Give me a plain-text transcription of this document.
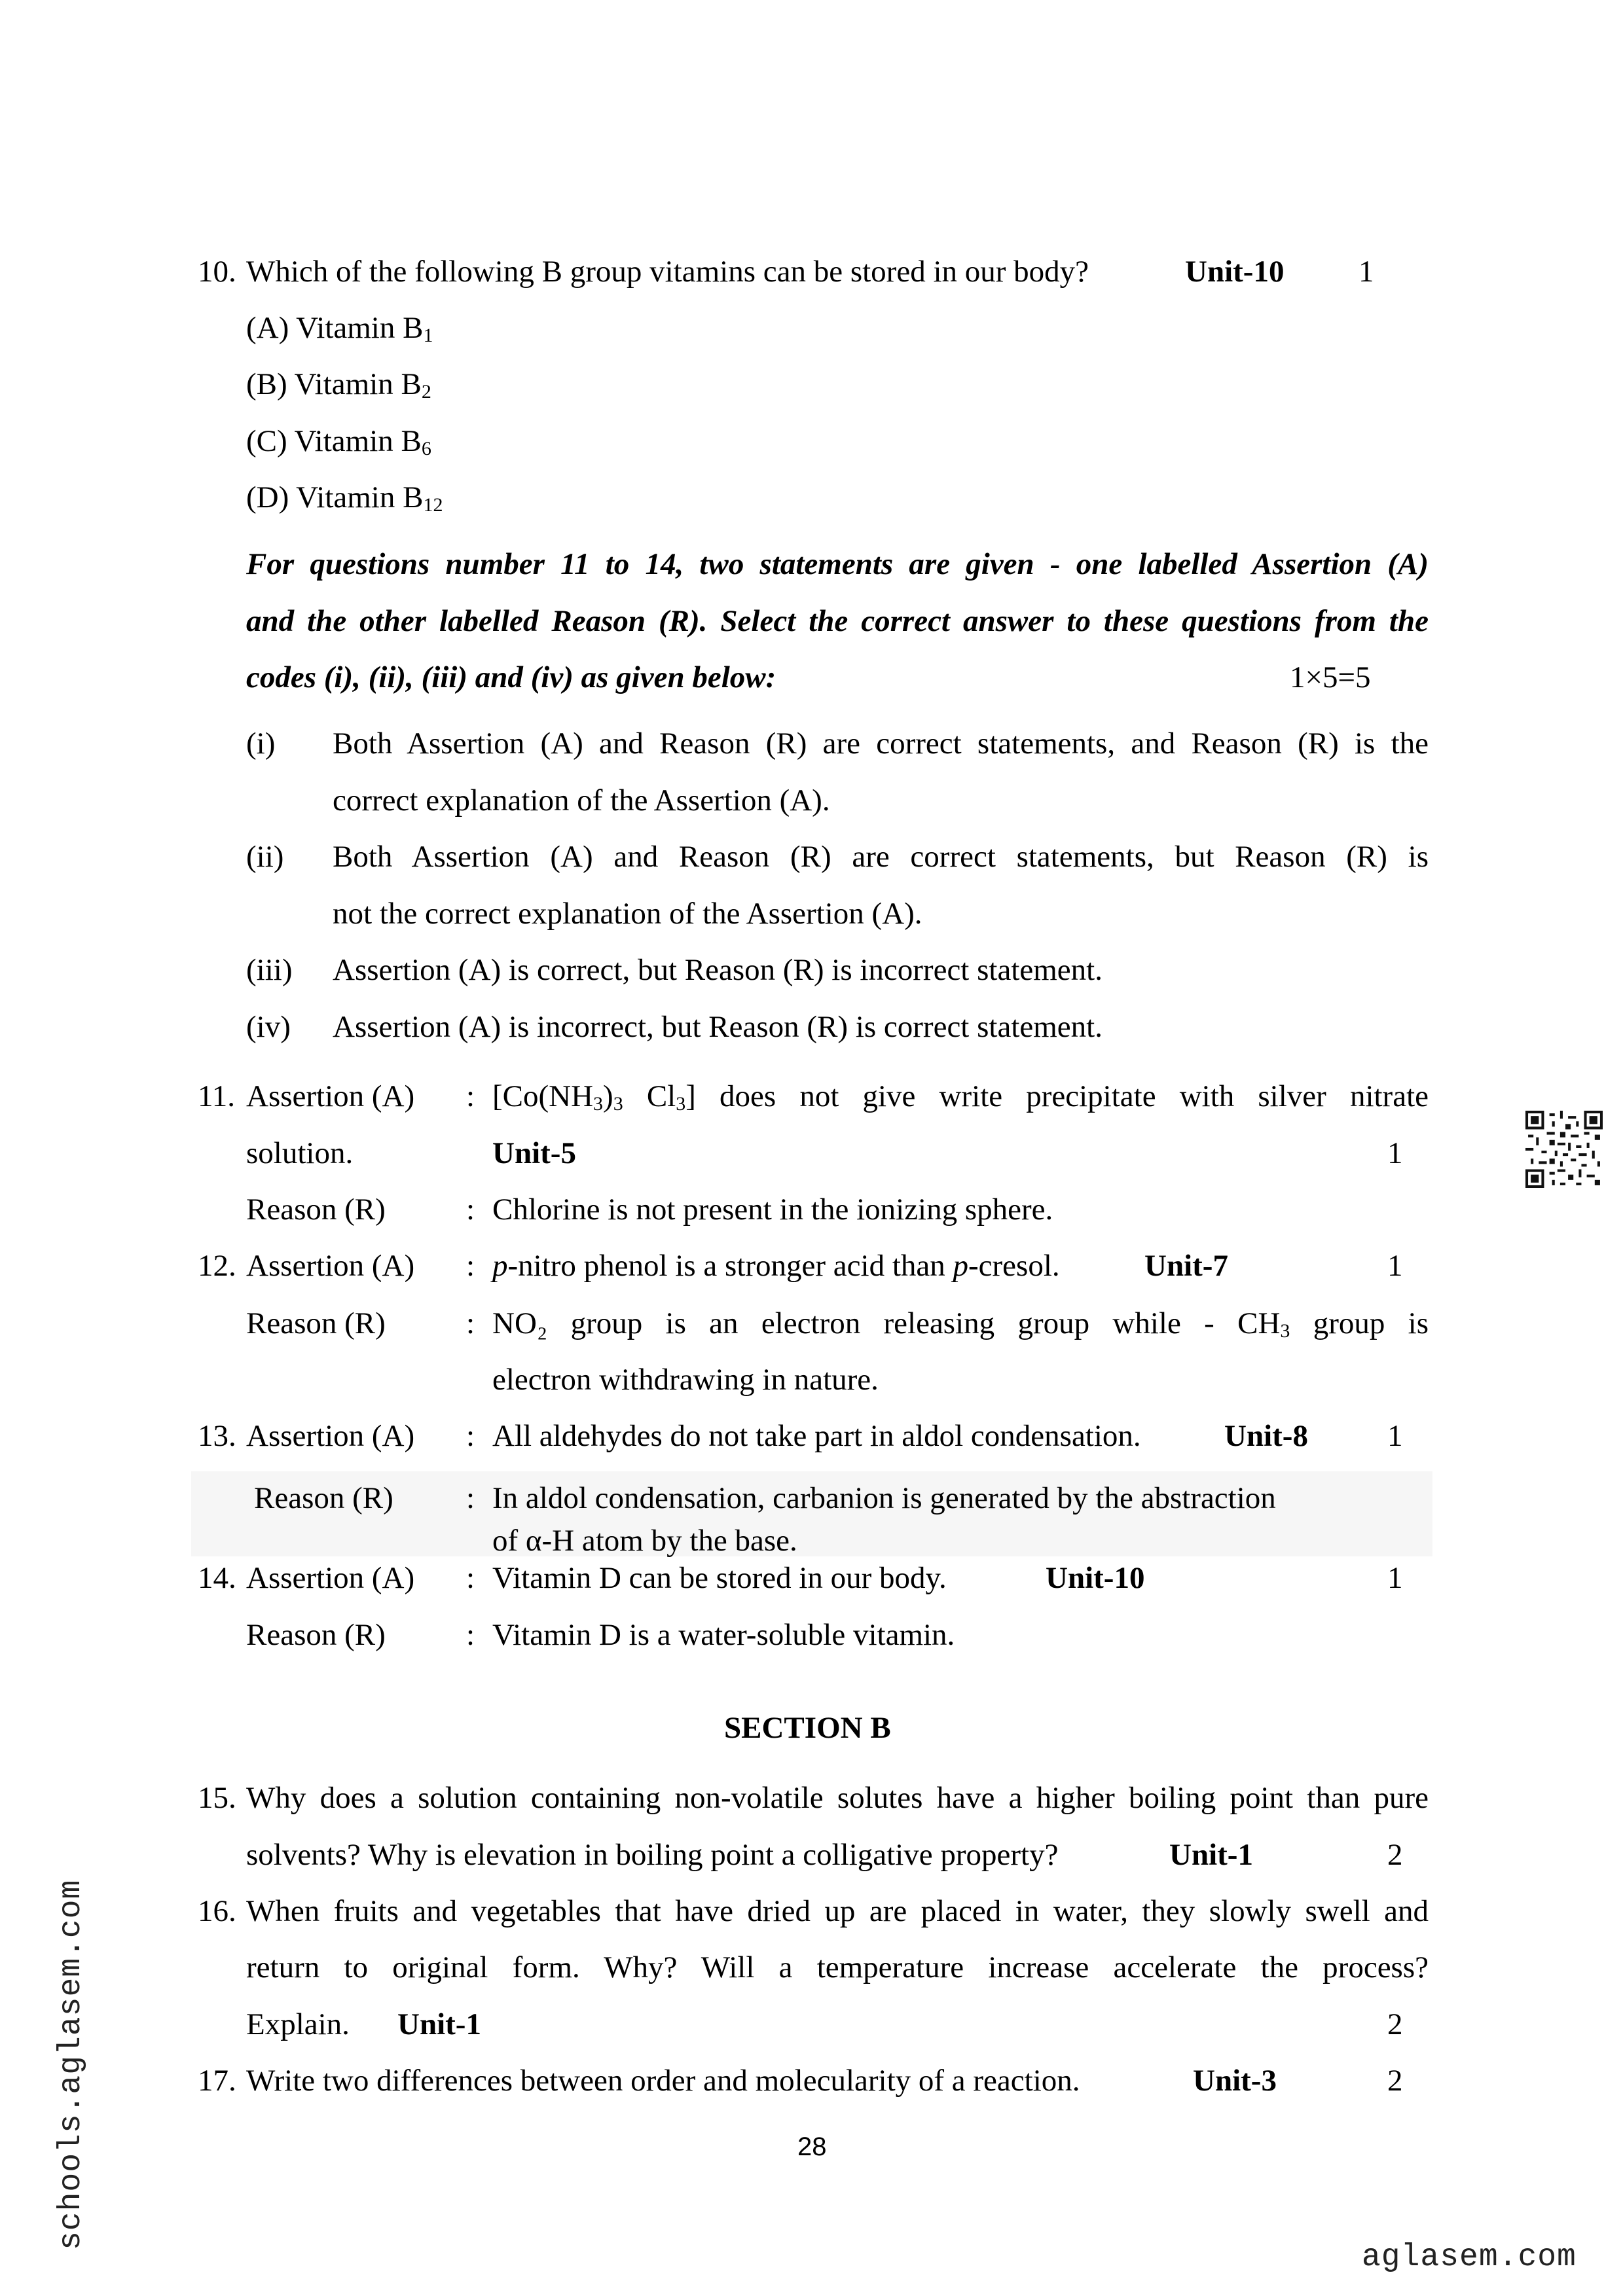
10. Which of the following B group vitamins can be stored in our body?	Unit-10 1
(A) Vitamin $B_1$
(B) Vitamin $B_2$
(C) Vitamin $B_6$
(D) Vitamin $B_{12}$
For questions number 11 to 14, two statements are given - one labelled Assertion (A)
and the other labelled Reason (R). Select the correct answer to these questions from the
codes (i), (ii), (iii) and (iv) as given below:	1×5=5
(i) Both Assertion (A) and Reason (R) are correct statements, and Reason (R) is the
correct explanation of the Assertion (A).
(ii) Both Assertion (A) and Reason (R) are correct statements, but Reason (R) is
not the correct explanation of the Assertion (A).
(iii) Assertion (A) is correct, but Reason (R) is incorrect statement.
(iv) Assertion (A) is incorrect, but Reason (R) is correct statement.
11. Assertion (A) : [$Co(NH_3)_3$ $Cl_3$] does not give write precipitate with silver nitrate
solution.	Unit-5	1
Reason (R)	: Chlorine is not present in the ionizing sphere.
12. Assertion (A) : p-nitro phenol is a stronger acid than p-cresol.	Unit-7	1
Reason (R)	: NO₂ group is an electron releasing group while - $CH_3$ group is
electron withdrawing in nature.
13. Assertion (A) : All aldehydes do not take part in aldol condensation.	Unit-8	1
Reason (R) : In aldol condensation, carbanion is generated by the abstraction
of α-H atom by the base.
14. Assertion (A) : Vitamin D can be stored in our body.	Unit-10	1
Reason (R)	: Vitamin D is a water-soluble vitamin.
SECTION B
15. Why does a solution containing non-volatile solutes have a higher boiling point than pure
solvents? Why is elevation in boiling point a colligative property?	Unit-1	2
16. When fruits and vegetables that have dried up are placed in water, they slowly swell and
return to original form. Why? Will a temperature increase accelerate the process?
Explain. Unit-1	2
17. Write two differences between order and molecularity of a reaction.	Unit-3	2
28
schools.aglasem.com
aglasem.com
